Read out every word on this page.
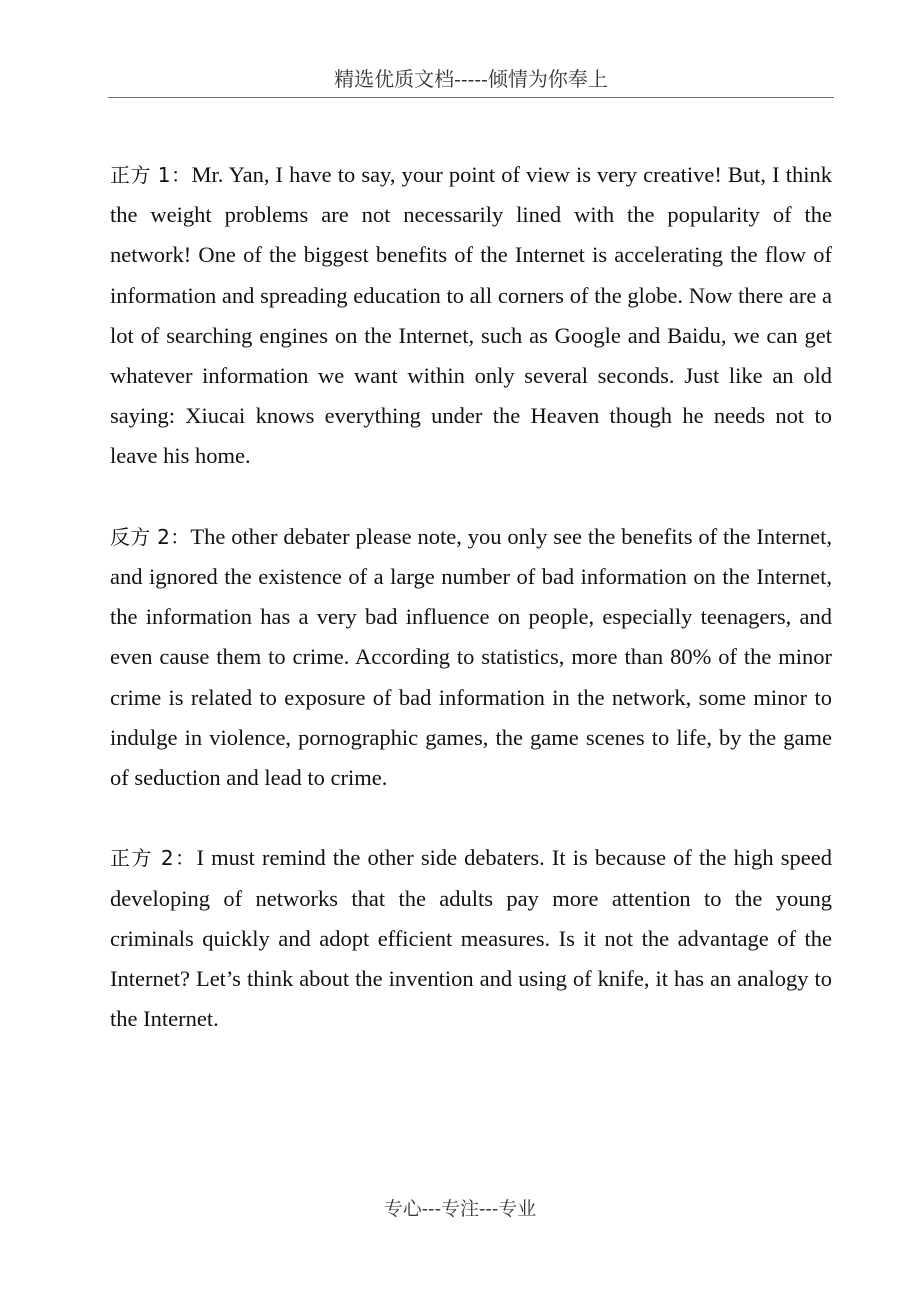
精选优质文档-----倾情为你奉上

正方 1：Mr. Yan, I have to say, your point of view is very creative! But, I think the weight problems are not necessarily lined with the popularity of the network! One of the biggest benefits of the Internet is accelerating the flow of information and spreading education to all corners of the globe. Now there are a lot of searching engines on the Internet, such as Google and Baidu, we can get whatever information we want within only several seconds. Just like an old saying: Xiucai knows everything under the Heaven though he needs not to leave his home.

反方 2：The other debater please note, you only see the benefits of the Internet, and ignored the existence of a large number of bad information on the Internet, the information has a very bad influence on people, especially teenagers, and even cause them to crime. According to statistics, more than 80% of the minor crime is related to exposure of bad information in the network, some minor to indulge in violence, pornographic games, the game scenes to life, by the game of seduction and lead to crime.

正方 2：I must remind the other side debaters. It is because of the high speed developing of networks that the adults pay more attention to the young criminals quickly and adopt efficient measures. Is it not the advantage of the Internet? Let’s think about the invention and using of knife, it has an analogy to the Internet.

专心---专注---专业
